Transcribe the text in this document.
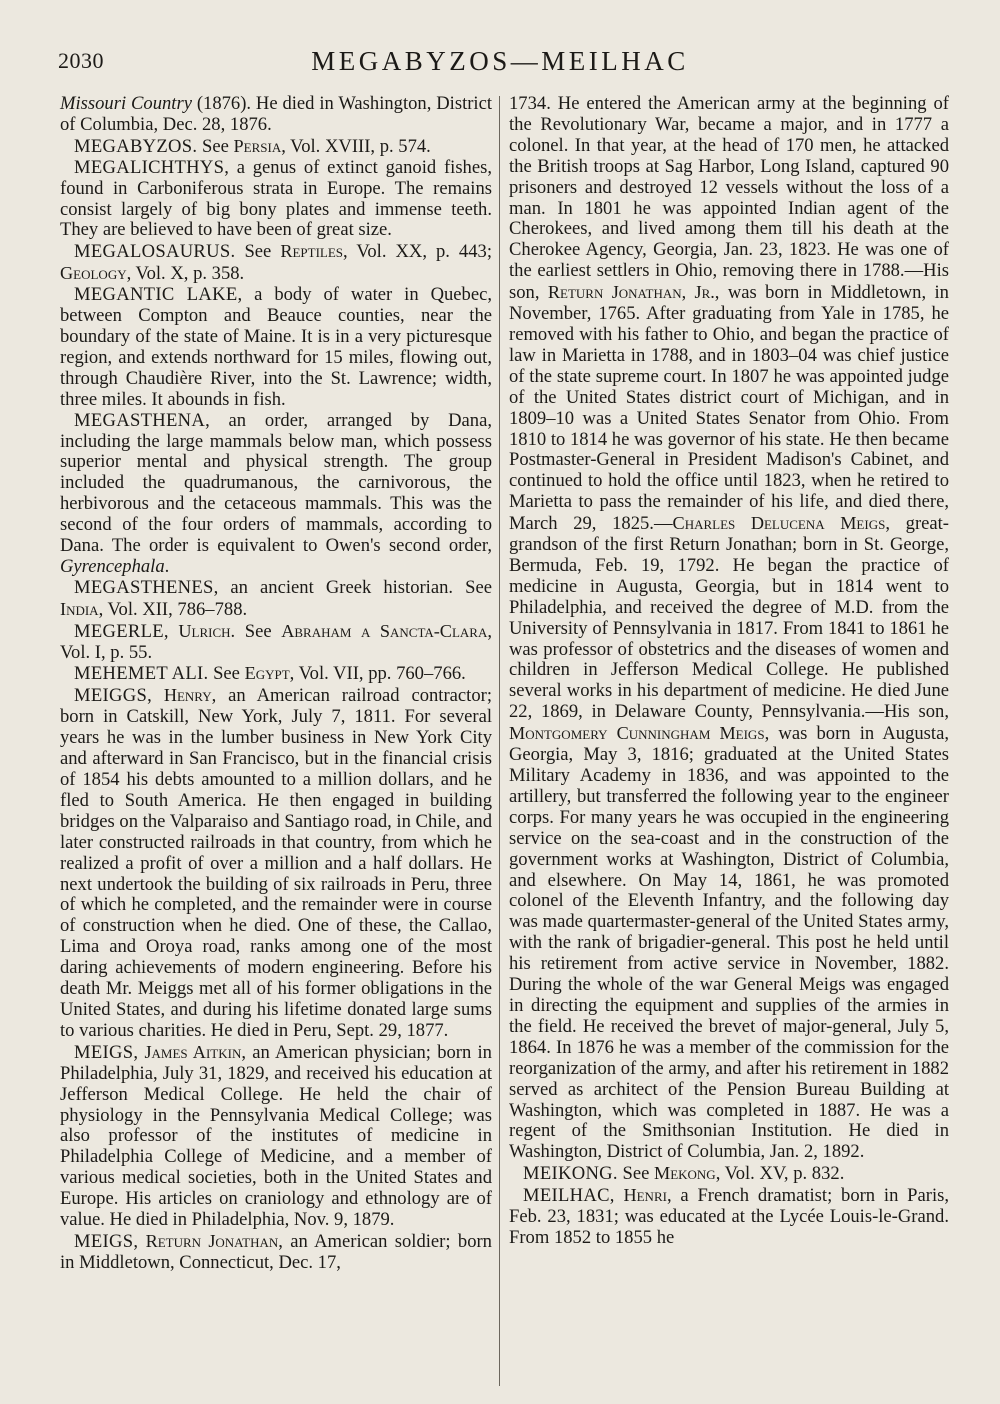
2030	MEGABYZOS—MEILHAC

Missouri Country (1876). He died in Washington, District of Columbia, Dec. 28, 1876.

MEGABYZOS. See Persia, Vol. XVIII, p. 574.

MEGALICHTHYS, a genus of extinct ganoid fishes, found in Carboniferous strata in Europe. The remains consist largely of big bony plates and immense teeth. They are believed to have been of great size.

MEGALOSAURUS. See Reptiles, Vol. XX, p. 443; Geology, Vol. X, p. 358.

MEGANTIC LAKE, a body of water in Quebec, between Compton and Beauce counties, near the boundary of the state of Maine. It is in a very picturesque region, and extends northward for 15 miles, flowing out, through Chaudière River, into the St. Lawrence; width, three miles. It abounds in fish.

MEGASTHENA, an order, arranged by Dana, including the large mammals below man, which possess superior mental and physical strength. The group included the quadrumanous, the carnivorous, the herbivorous and the cetaceous mammals. This was the second of the four orders of mammals, according to Dana. The order is equivalent to Owen's second order, Gyrencephala.

MEGASTHENES, an ancient Greek historian. See India, Vol. XII, 786–788.

MEGERLE, Ulrich. See Abraham a Sancta-Clara, Vol. I, p. 55.

MEHEMET ALI. See Egypt, Vol. VII, pp. 760–766.

MEIGGS, Henry, an American railroad contractor; born in Catskill, New York, July 7, 1811. For several years he was in the lumber business in New York City and afterward in San Francisco, but in the financial crisis of 1854 his debts amounted to a million dollars, and he fled to South America. He then engaged in building bridges on the Valparaiso and Santiago road, in Chile, and later constructed railroads in that country, from which he realized a profit of over a million and a half dollars. He next undertook the building of six railroads in Peru, three of which he completed, and the remainder were in course of construction when he died. One of these, the Callao, Lima and Oroya road, ranks among one of the most daring achievements of modern engineering. Before his death Mr. Meiggs met all of his former obligations in the United States, and during his lifetime donated large sums to various charities. He died in Peru, Sept. 29, 1877.

MEIGS, James Aitkin, an American physician; born in Philadelphia, July 31, 1829, and received his education at Jefferson Medical College. He held the chair of physiology in the Pennsylvania Medical College; was also professor of the institutes of medicine in Philadelphia College of Medicine, and a member of various medical societies, both in the United States and Europe. His articles on craniology and ethnology are of value. He died in Philadelphia, Nov. 9, 1879.

MEIGS, Return Jonathan, an American soldier; born in Middletown, Connecticut, Dec. 17,

1734. He entered the American army at the beginning of the Revolutionary War, became a major, and in 1777 a colonel. In that year, at the head of 170 men, he attacked the British troops at Sag Harbor, Long Island, captured 90 prisoners and destroyed 12 vessels without the loss of a man. In 1801 he was appointed Indian agent of the Cherokees, and lived among them till his death at the Cherokee Agency, Georgia, Jan. 23, 1823. He was one of the earliest settlers in Ohio, removing there in 1788.—His son, Return Jonathan, Jr., was born in Middletown, in November, 1765. After graduating from Yale in 1785, he removed with his father to Ohio, and began the practice of law in Marietta in 1788, and in 1803–04 was chief justice of the state supreme court. In 1807 he was appointed judge of the United States district court of Michigan, and in 1809–10 was a United States Senator from Ohio. From 1810 to 1814 he was governor of his state. He then became Postmaster-General in President Madison's Cabinet, and continued to hold the office until 1823, when he retired to Marietta to pass the remainder of his life, and died there, March 29, 1825.—Charles Delucena Meigs, great-grandson of the first Return Jonathan; born in St. George, Bermuda, Feb. 19, 1792. He began the practice of medicine in Augusta, Georgia, but in 1814 went to Philadelphia, and received the degree of M.D. from the University of Pennsylvania in 1817. From 1841 to 1861 he was professor of obstetrics and the diseases of women and children in Jefferson Medical College. He published several works in his department of medicine. He died June 22, 1869, in Delaware County, Pennsylvania.—His son, Montgomery Cunningham Meigs, was born in Augusta, Georgia, May 3, 1816; graduated at the United States Military Academy in 1836, and was appointed to the artillery, but transferred the following year to the engineer corps. For many years he was occupied in the engineering service on the sea-coast and in the construction of the government works at Washington, District of Columbia, and elsewhere. On May 14, 1861, he was promoted colonel of the Eleventh Infantry, and the following day was made quartermaster-general of the United States army, with the rank of brigadier-general. This post he held until his retirement from active service in November, 1882. During the whole of the war General Meigs was engaged in directing the equipment and supplies of the armies in the field. He received the brevet of major-general, July 5, 1864. In 1876 he was a member of the commission for the reorganization of the army, and after his retirement in 1882 served as architect of the Pension Bureau Building at Washington, which was completed in 1887. He was a regent of the Smithsonian Institution. He died in Washington, District of Columbia, Jan. 2, 1892.

MEIKONG. See Mekong, Vol. XV, p. 832.

MEILHAC, Henri, a French dramatist; born in Paris, Feb. 23, 1831; was educated at the Lycée Louis-le-Grand. From 1852 to 1855 he
